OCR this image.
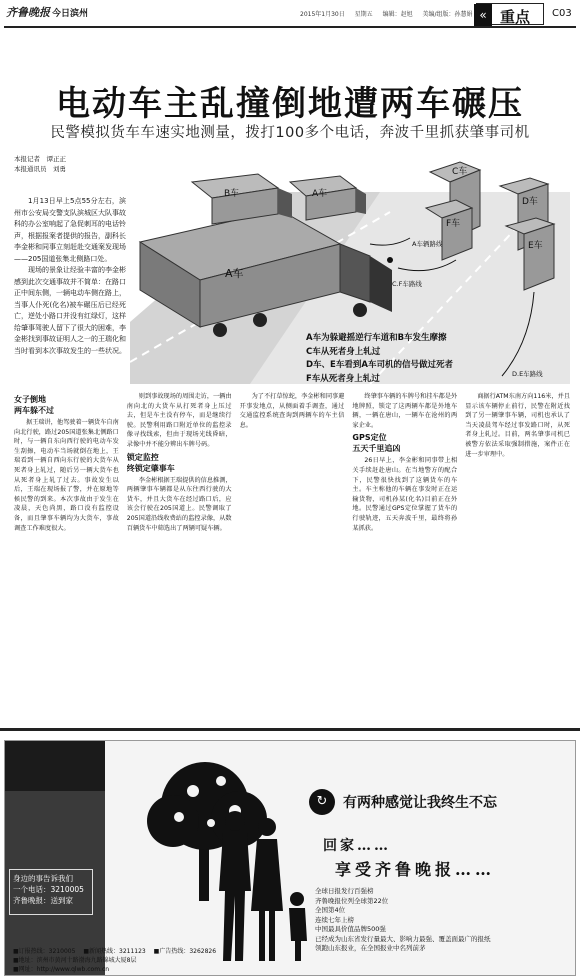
齐鲁晚报 今日滨州	2015年1月30日 星期五 编辑：赵旭 美编/组版：孙慧娟 « 重点 C03
电动车主乱撞倒地遭两车碾压
民警模拟货车车速实地测量，拨打100多个电话，奔波千里抓获肇事司机
本报记者　谭正正
本报通讯员　刘勇

1月13日早上5点55分左右，滨州市公安局交警支队滨城区大队事故科的办公室响起了急促刺耳的电话铃声，根据报案者提供的报告，副科长李金彬和同事立刻赶赴交通案发现场——205国道张集北侧路口处。

现场的景象让经验丰富的李金彬感到此次交通事故并不简单：在路口正中间东侧，一辆电动车侧在路上，当事人仆死(化名)被车碾压后已经死亡，逆处小路口并没有红绿灯，这样给肇事驾驶人留下了很大的困难，李金彬找到事故证明人之一的王瑞化和当时看到本次事故发生的一些状况。

A车
B车	A车
A车辆路线
C车
D车
E车
F车
C.F车路线
D.E车路线
A车为躲避摇逆行车道和B车发生摩擦
C车从死者身上轧过
D车、E车看到A车司机的信号做过死者
F车从死者身上轧过
女子倒地
两车躲不过

据王瑞讲，他驾驶着一辆货车自南向北行驶，路过205国道张集北侧路口时，与一辆自东向西行驶的电动车发生刮擦，电动车当场就倒在地上，王瑞看到一辆自西向东行驶的大货车从死者身上轧过，随后另一辆大货车也从死者身上轧了过去。事故发生以后，王瑞在现场报了警，并在原地等候民警的到来。本次事故由于发生在凌晨，天色尚黑，路口没有监控设备，而且肇事车辆均为大货车，事故调查工作难度很大。

则到事故现场的周围走访，一辆由南向北的大货车从打死者身上压过去，但是车主没有停车，而是继续行驶。民警利用路口附近单位的监控录像寻找线索，但由于现场光线昏暗，录像中并不能分辨出车牌号码。

锁定监控
终锁定肇事车

李金彬根据王瑞提供的信息推测，两辆肇事车辆都是从东往西行驶的大货车，并且大货车在经过路口后，应该会行驶在205国道上。民警调取了205国道沿线收费站的监控录像，从数百辆货车中筛选出了两辆可疑车辆。

为了不打草惊蛇，李金彬和同事避开事发地点，从侧面着手调查，通过交通监控系统查询到两辆车的车主信息。

终肇事车辆的车牌号和挂车都是外地牌照，锁定了这两辆车都是外地车辆，一辆在唐山，一辆车在沧州的两家企业。

GPS定位
五天千里追凶

26日早上，李金彬和同事带上相关手续赶赴唐山。在当地警方的配合下，民警很快找到了这辆货车的车主。车主称他的车辆在事发时正在运输货物，司机孙某(化名)目前正在外地。民警通过GPS定位掌握了货车的行驶轨迹，五天奔波千里，最终将孙某抓获。

商据行ATM东南方向116米，并且显示该车辆停止前行，民警在附近找到了另一辆肇事车辆，司机也承认了当天凌晨驾车经过事发路口时，从死者身上轧过。目前，两名肇事司机已被警方依法采取强制措施，案件正在进一步审理中。

身边的事告诉我们
一个电话：3210005
齐鲁晚报：送到家
↻	有两种感觉让我终生不忘
回家……
享受齐鲁晚报……
全球日报发行百强榜
齐鲁晚报位列全球第22位
全国第4位
连续七年上榜
中国最具价值品牌500强
已经成为山东省发行量最大、影响力最强、覆盖面最广的报纸
领跑山东报业，在全国报业中名列前茅
■订报热线：3210005 ■新闻热线：3211123 ■广告热线：3262826
■地址：滨州市黄河十路渤海九路锦城大厦8层
■网址：http://www.qlwb.com.cn
